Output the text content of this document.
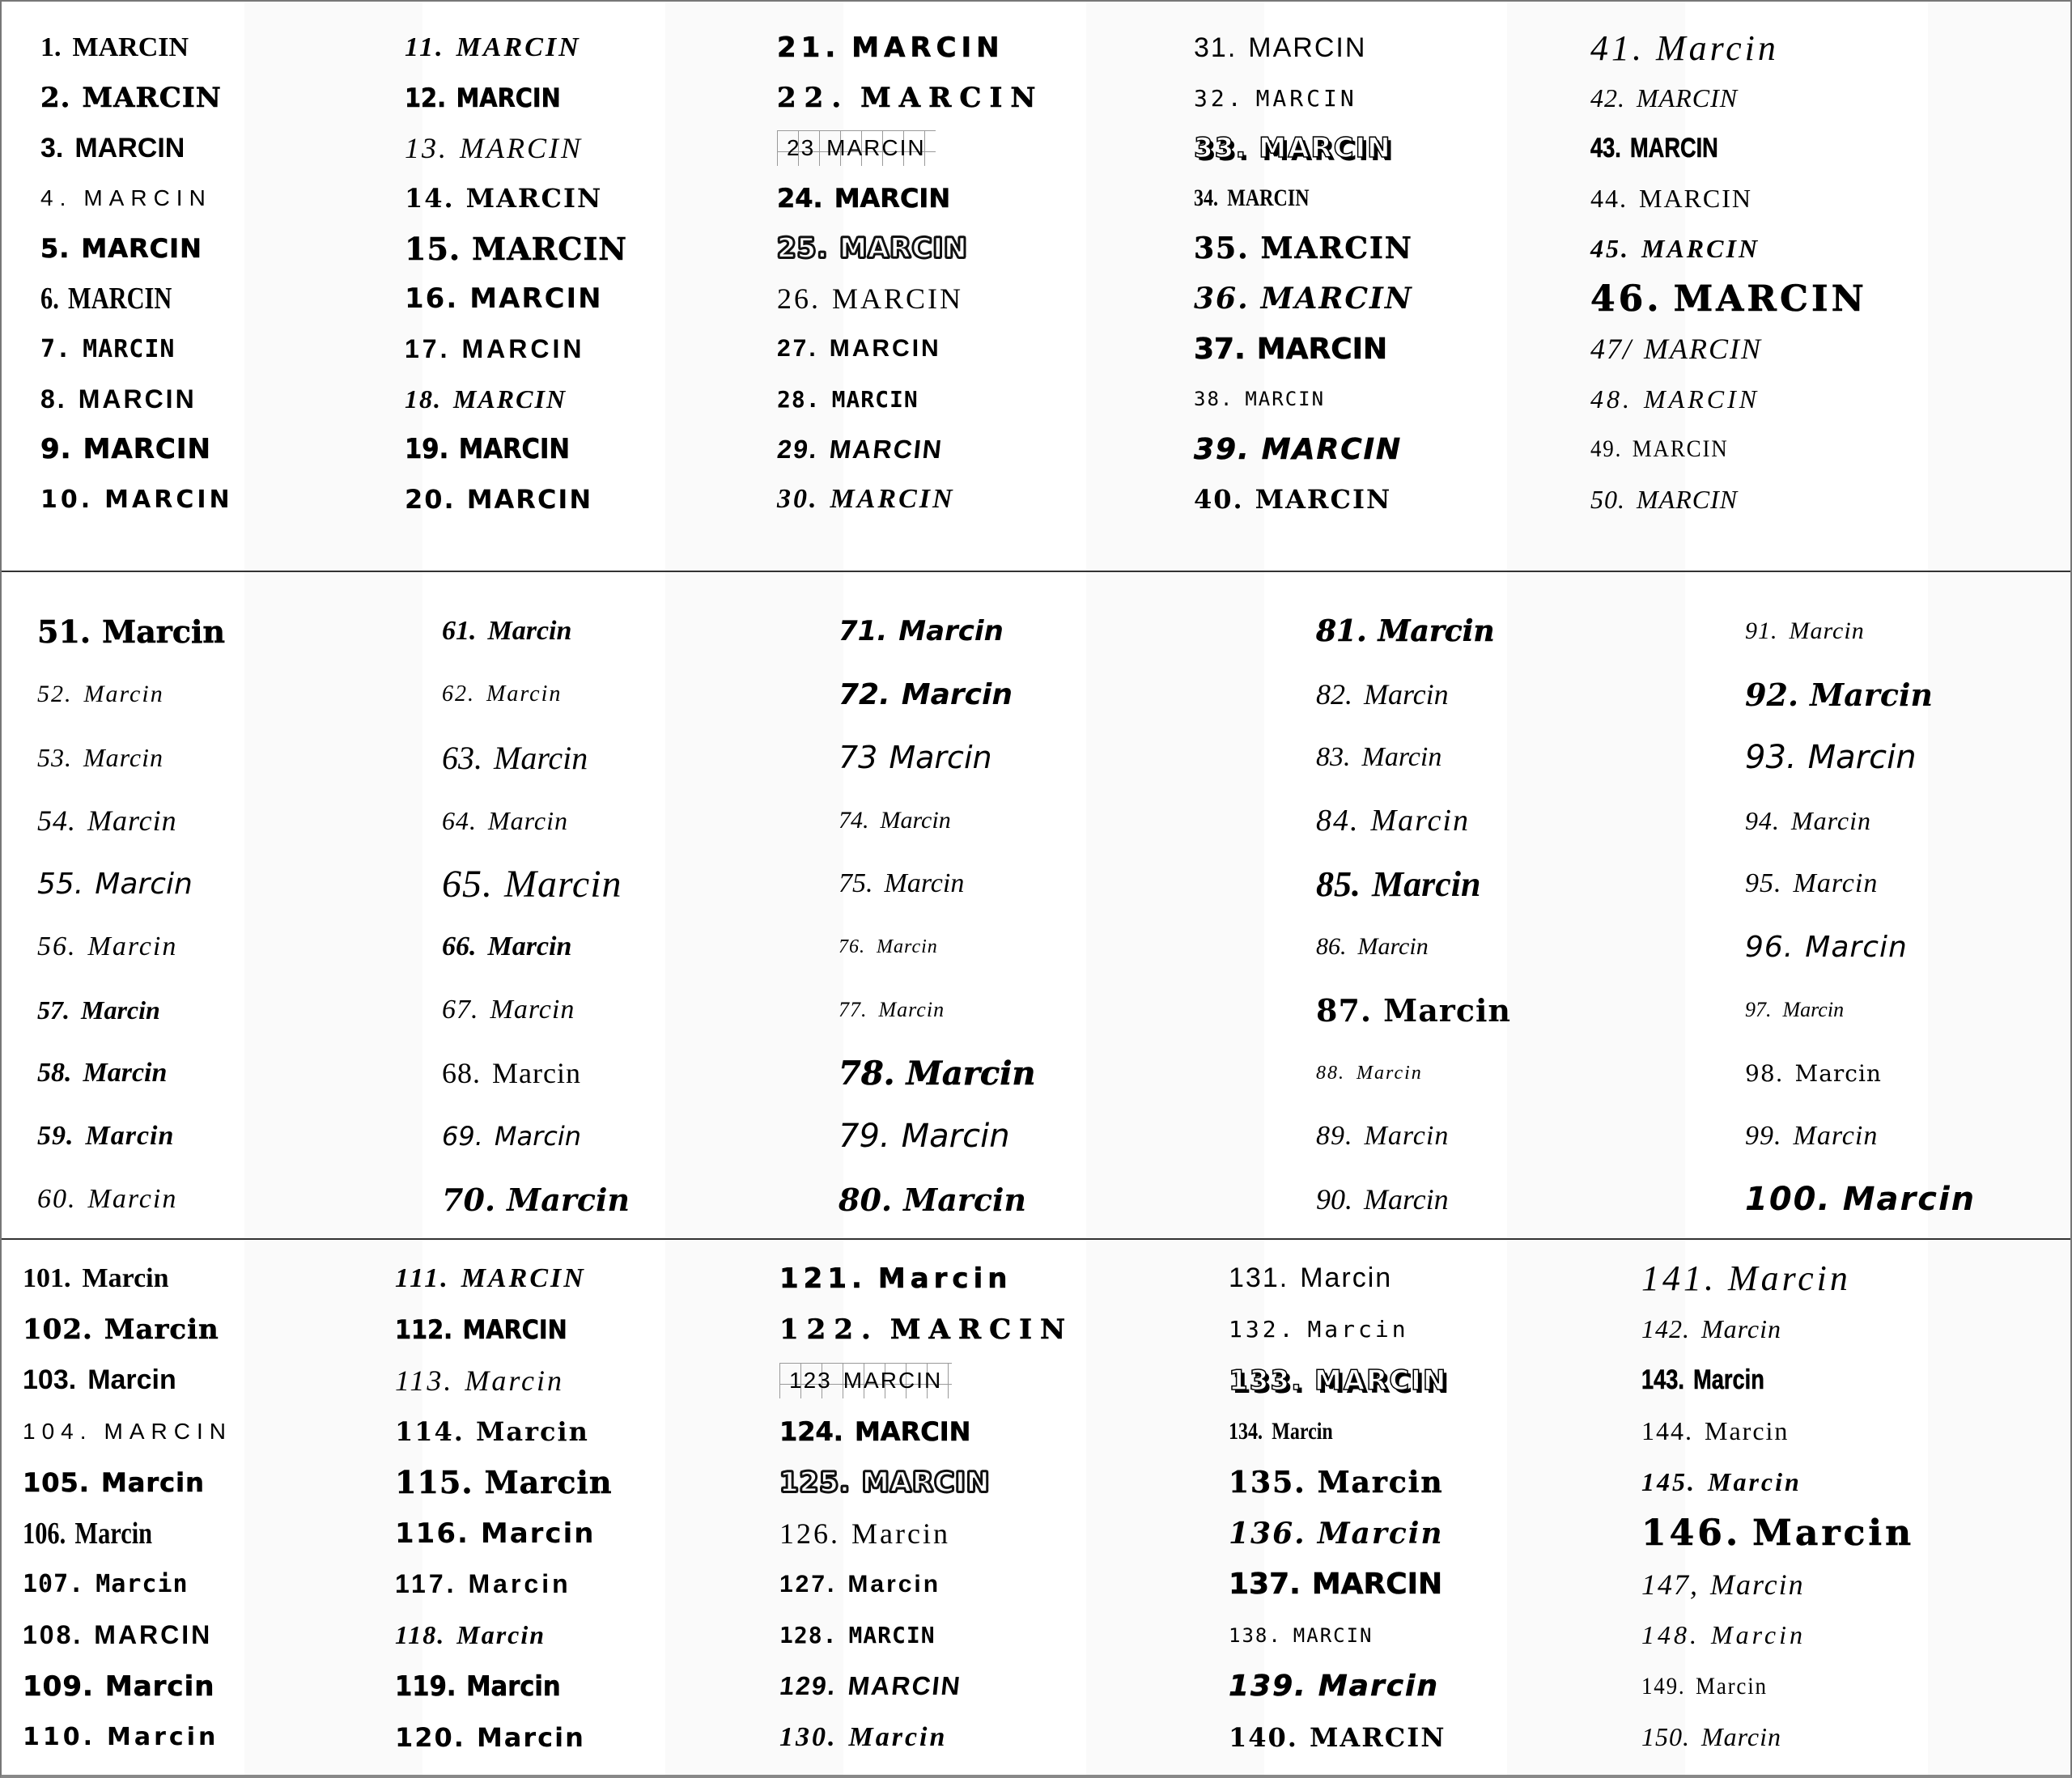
1. MARCIN
2. MARCIN
3. MARCIN
4. MARCIN
5. MARCIN
6. MARCIN
7. MARCIN
8. MARCIN
9. MARCIN
10. MARCIN
11. MARCIN
12. MARCIN
13. MARCIN
14. MARCIN
15. MARCIN
16. MARCIN
17. MARCIN
18. MARCIN
19. MARCIN
20. MARCIN
21. MARCIN
22. MARCIN
23 MARCIN
24. MARCIN
25. MARCIN
26. MARCIN
27. MARCIN
28. MARCIN
29. MARCIN
30. MARCIN
31. MARCIN
32. MARCIN
33. MARCIN
34. MARCIN
35. MARCIN
36. MARCIN
37. MARCIN
38. MARCIN
39. MARCIN
40. MARCIN
41. Marcin
42. MARCIN
43. MARCIN
44. MARCIN
45. MARCIN
46. MARCIN
47/ MARCIN
48. MARCIN
49. MARCIN
50. MARCIN
51. Marcin
52. Marcin
53. Marcin
54. Marcin
55. Marcin
56. Marcin
57. Marcin
58. Marcin
59. Marcin
60. Marcin
61. Marcin
62. Marcin
63. Marcin
64. Marcin
65. Marcin
66. Marcin
67. Marcin
68. Marcin
69. Marcin
70. Marcin
71. Marcin
72. Marcin
73 Marcin
74. Marcin
75. Marcin
76. Marcin
77. Marcin
78. Marcin
79. Marcin
80. Marcin
81. Marcin
82. Marcin
83. Marcin
84. Marcin
85. Marcin
86. Marcin
87. Marcin
88. Marcin
89. Marcin
90. Marcin
91. Marcin
92. Marcin
93. Marcin
94. Marcin
95. Marcin
96. Marcin
97. Marcin
98. Marcin
99. Marcin
100. Marcin
101. Marcin
102. Marcin
103. Marcin
104. MARCIN
105. Marcin
106. Marcin
107. Marcin
108. MARCIN
109. Marcin
110. Marcin
111. MARCIN
112. MARCIN
113. Marcin
114. Marcin
115. Marcin
116. Marcin
117. Marcin
118. Marcin
119. Marcin
120. Marcin
121. Marcin
122. MARCIN
123 MARCIN
124. MARCIN
125. MARCIN
126. Marcin
127. Marcin
128. MARCIN
129. MARCIN
130. Marcin
131. Marcin
132. Marcin
133. MARCIN
134. Marcin
135. Marcin
136. Marcin
137. MARCIN
138. MARCIN
139. Marcin
140. MARCIN
141. Marcin
142. Marcin
143. Marcin
144. Marcin
145. Marcin
146. Marcin
147, Marcin
148. Marcin
149. Marcin
150. Marcin
